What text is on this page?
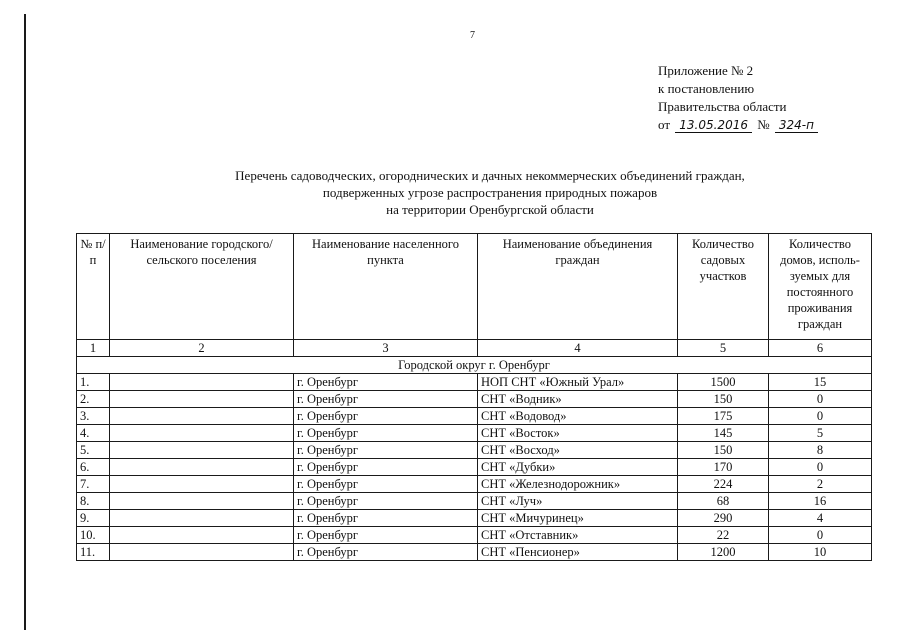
7
Приложение № 2
к постановлению
Правительства области
от 13.05.2016 № 324-п
Перечень садоводческих, огороднических и дачных некоммерческих объединений граждан,
подверженных угрозе распространения природных пожаров
на территории Оренбургской области
№ п/п	Наименование городского/ сельского поселения	Наименование населенного пункта	Наименование объединения граждан	Количество садовых участков	Количество домов, исполь-зуемых для постоянного проживания граждан
1	2	3	4	5	6
Городской округ г. Оренбург					
1.		г. Оренбург	НОП СНТ «Южный Урал»	1500	15
2.		г. Оренбург	СНТ «Водник»	150	0
3.		г. Оренбург	СНТ «Водовод»	175	0
4.		г. Оренбург	СНТ «Восток»	145	5
5.		г. Оренбург	СНТ «Восход»	150	8
6.		г. Оренбург	СНТ «Дубки»	170	0
7.		г. Оренбург	СНТ «Железнодорожник»	224	2
8.		г. Оренбург	СНТ «Луч»	68	16
9.		г. Оренбург	СНТ «Мичуринец»	290	4
10.		г. Оренбург	СНТ «Отставник»	22	0
11.		г. Оренбург	СНТ «Пенсионер»	1200	10
